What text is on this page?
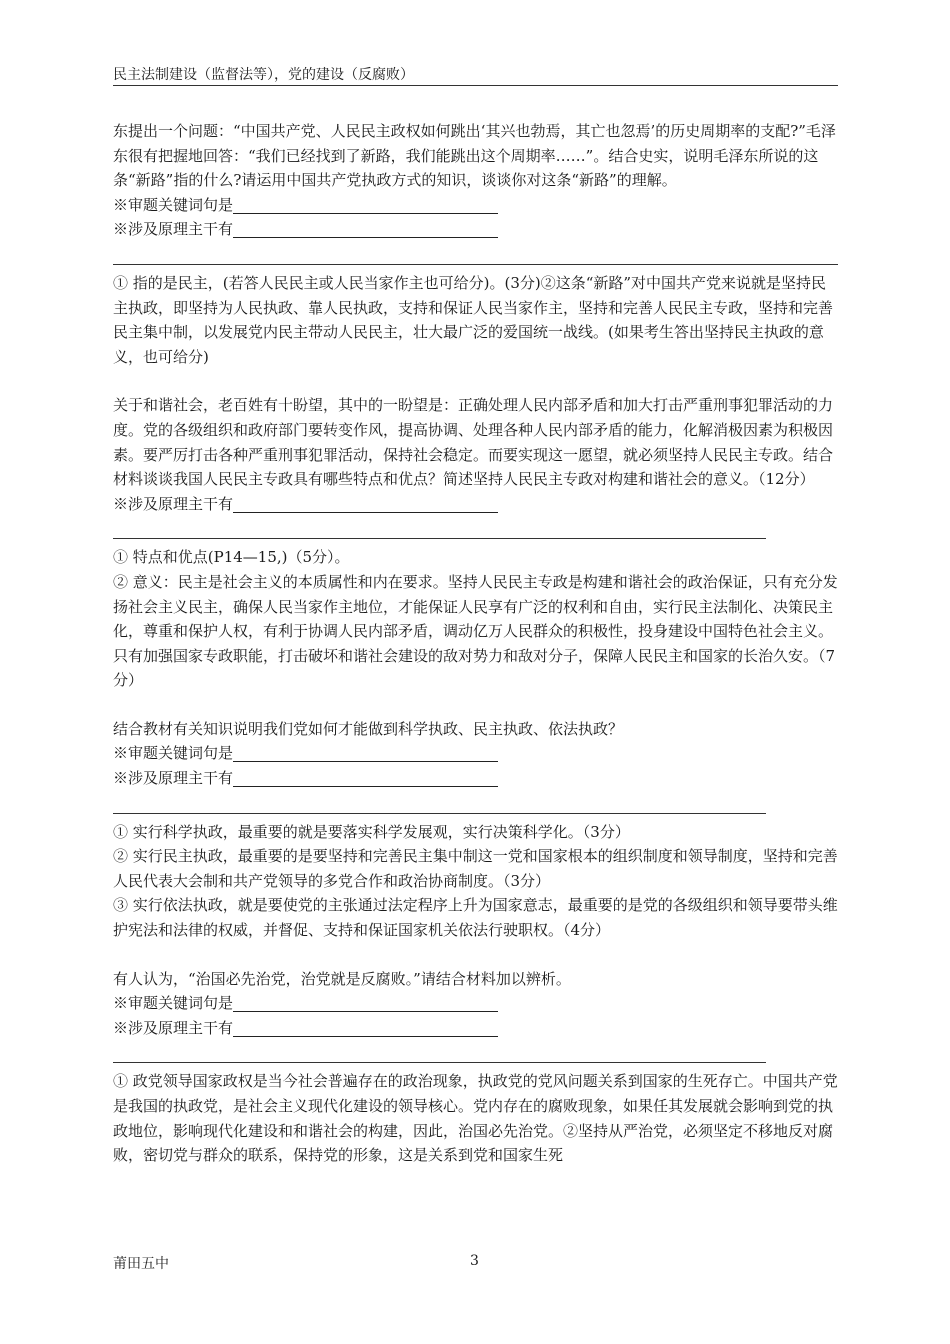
民主法制建设（监督法等），党的建设（反腐败）

东提出一个问题：“中国共产党、人民民主政权如何跳出‘其兴也勃焉，其亡也忽焉’的历史周期率的支配?”毛泽东很有把握地回答：“我们已经找到了新路，我们能跳出这个周期率……”。结合史实，说明毛泽东所说的这条“新路”指的什么?请运用中国共产党执政方式的知识，谈谈你对这条“新路”的理解。

※审题关键词句是
※涉及原理主干有

① 指的是民主，(若答人民民主或人民当家作主也可给分)。(3分)②这条“新路”对中国共产党来说就是坚持民主执政，即坚持为人民执政、靠人民执政，支持和保证人民当家作主，坚持和完善人民民主专政，坚持和完善民主集中制，以发展党内民主带动人民民主，壮大最广泛的爱国统一战线。(如果考生答出坚持民主执政的意义，也可给分)

关于和谐社会，老百姓有十盼望，其中的一盼望是：正确处理人民内部矛盾和加大打击严重刑事犯罪活动的力度。党的各级组织和政府部门要转变作风，提高协调、处理各种人民内部矛盾的能力，化解消极因素为积极因素。要严厉打击各种严重刑事犯罪活动，保持社会稳定。而要实现这一愿望，就必须坚持人民民主专政。结合材料谈谈我国人民民主专政具有哪些特点和优点？简述坚持人民民主专政对构建和谐社会的意义。（12分）

※涉及原理主干有

① 特点和优点(P14—15,)（5分）。

② 意义：民主是社会主义的本质属性和内在要求。坚持人民民主专政是构建和谐社会的政治保证，只有充分发扬社会主义民主，确保人民当家作主地位，才能保证人民享有广泛的权利和自由，实行民主法制化、决策民主化，尊重和保护人权，有利于协调人民内部矛盾，调动亿万人民群众的积极性，投身建设中国特色社会主义。只有加强国家专政职能，打击破坏和谐社会建设的敌对势力和敌对分子，保障人民民主和国家的长治久安。（7分）

结合教材有关知识说明我们党如何才能做到科学执政、民主执政、依法执政？

※审题关键词句是
※涉及原理主干有

① 实行科学执政，最重要的就是要落实科学发展观，实行决策科学化。（3分）

② 实行民主执政，最重要的是要坚持和完善民主集中制这一党和国家根本的组织制度和领导制度，坚持和完善人民代表大会制和共产党领导的多党合作和政治协商制度。（3分）

③ 实行依法执政，就是要使党的主张通过法定程序上升为国家意志，最重要的是党的各级组织和领导要带头维护宪法和法律的权威，并督促、支持和保证国家机关依法行驶职权。（4分）

有人认为，“治国必先治党，治党就是反腐败。”请结合材料加以辨析。

※审题关键词句是
※涉及原理主干有

① 政党领导国家政权是当今社会普遍存在的政治现象，执政党的党风问题关系到国家的生死存亡。中国共产党是我国的执政党，是社会主义现代化建设的领导核心。党内存在的腐败现象，如果任其发展就会影响到党的执政地位，影响现代化建设和和谐社会的构建，因此，治国必先治党。②坚持从严治党，必须坚定不移地反对腐败，密切党与群众的联系，保持党的形象，这是关系到党和国家生死

莆田五中	3
